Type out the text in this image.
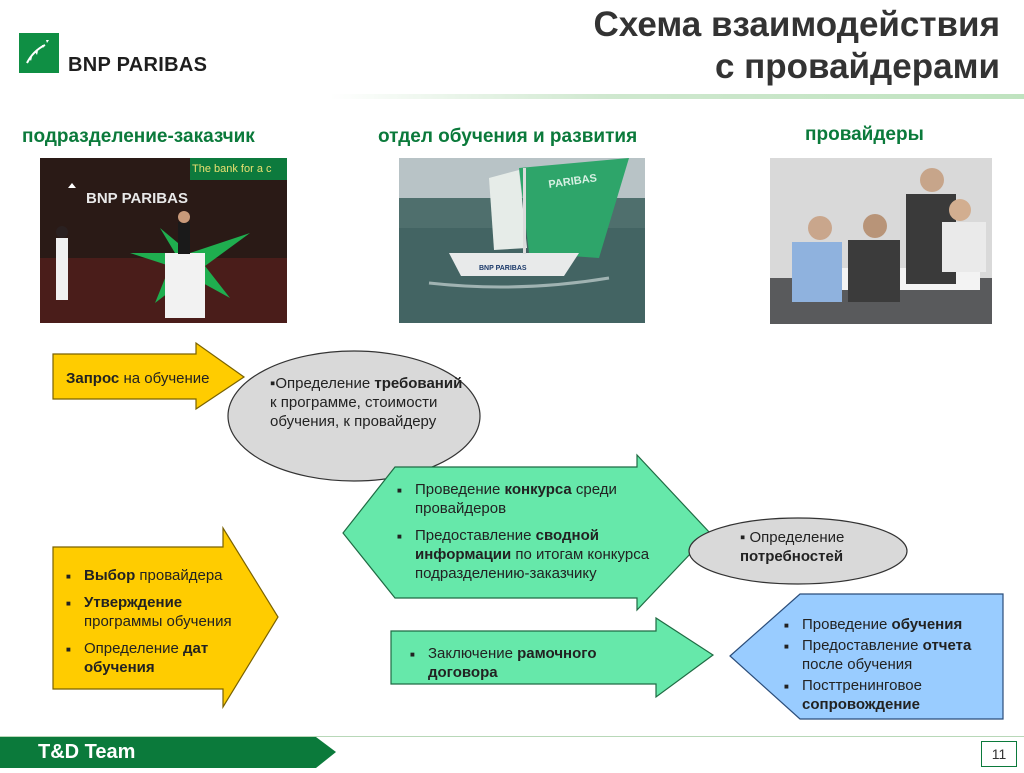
Схема взаимодействия
с провайдерами
BNP PARIBAS
подразделение-заказчик	отдел обучения и развития	провайдеры
The bank for a c
BNP PARIBAS
PARIBAS
BNP PARIBAS
Запрос на обучение	▪Определение требований к программе, стоимости обучения, к провайдеру
■ Проведение конкурса среди провайдеров
■ Предоставление сводной информации по итогам конкурса подразделению-заказчику
▪ Определение потребностей
■ Выбор провайдера
■ Утверждение программы обучения
■ Определение дат обучения
■ Заключение рамочного договора
■ Проведение обучения
■ Предоставление отчета после обучения
■ Посттренинговое сопровождение
T&D Team	11
